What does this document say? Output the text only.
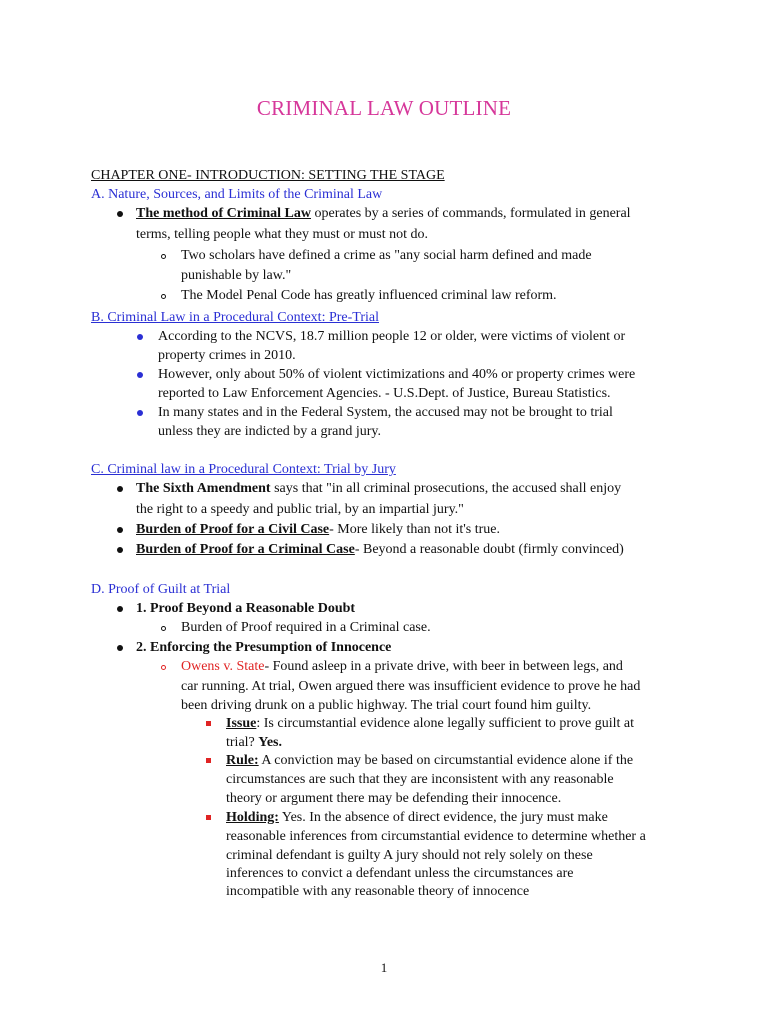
CRIMINAL LAW OUTLINE
CHAPTER ONE- INTRODUCTION: SETTING THE STAGE
A. Nature, Sources, and Limits of the Criminal Law
The method of Criminal Law operates by a series of commands, formulated in general
terms, telling people what they must or must not do.
Two scholars have defined a crime as "any social harm defined and made
punishable by law."
The Model Penal Code has greatly influenced criminal law reform.
B. Criminal Law in a Procedural Context: Pre-Trial
According to the NCVS, 18.7 million people 12 or older, were victims of violent or
property crimes in 2010.
However, only about 50% of violent victimizations and 40% or property crimes were
reported to Law Enforcement Agencies. - U.S.Dept. of Justice, Bureau Statistics.
In many states and in the Federal System, the accused may not be brought to trial
unless they are indicted by a grand jury.
C. Criminal law in a Procedural Context: Trial by Jury
The Sixth Amendment says that "in all criminal prosecutions, the accused shall enjoy
the right to a speedy and public trial, by an impartial jury."
Burden of Proof for a Civil Case- More likely than not it's true.
Burden of Proof for a Criminal Case- Beyond a reasonable doubt (firmly convinced)
D. Proof of Guilt at Trial
1. Proof Beyond a Reasonable Doubt
Burden of Proof required in a Criminal case.
2. Enforcing the Presumption of Innocence
Owens v. State- Found asleep in a private drive, with beer in between legs, and
car running. At trial, Owen argued there was insufficient evidence to prove he had
been driving drunk on a public highway. The trial court found him guilty.
Issue: Is circumstantial evidence alone legally sufficient to prove guilt at
trial? Yes.
Rule: A conviction may be based on circumstantial evidence alone if the
circumstances are such that they are inconsistent with any reasonable
theory or argument there may be defending their innocence.
Holding: Yes. In the absence of direct evidence, the jury must make
reasonable inferences from circumstantial evidence to determine whether a
criminal defendant is guilty A jury should not rely solely on these
inferences to convict a defendant unless the circumstances are
incompatible with any reasonable theory of innocence
1
